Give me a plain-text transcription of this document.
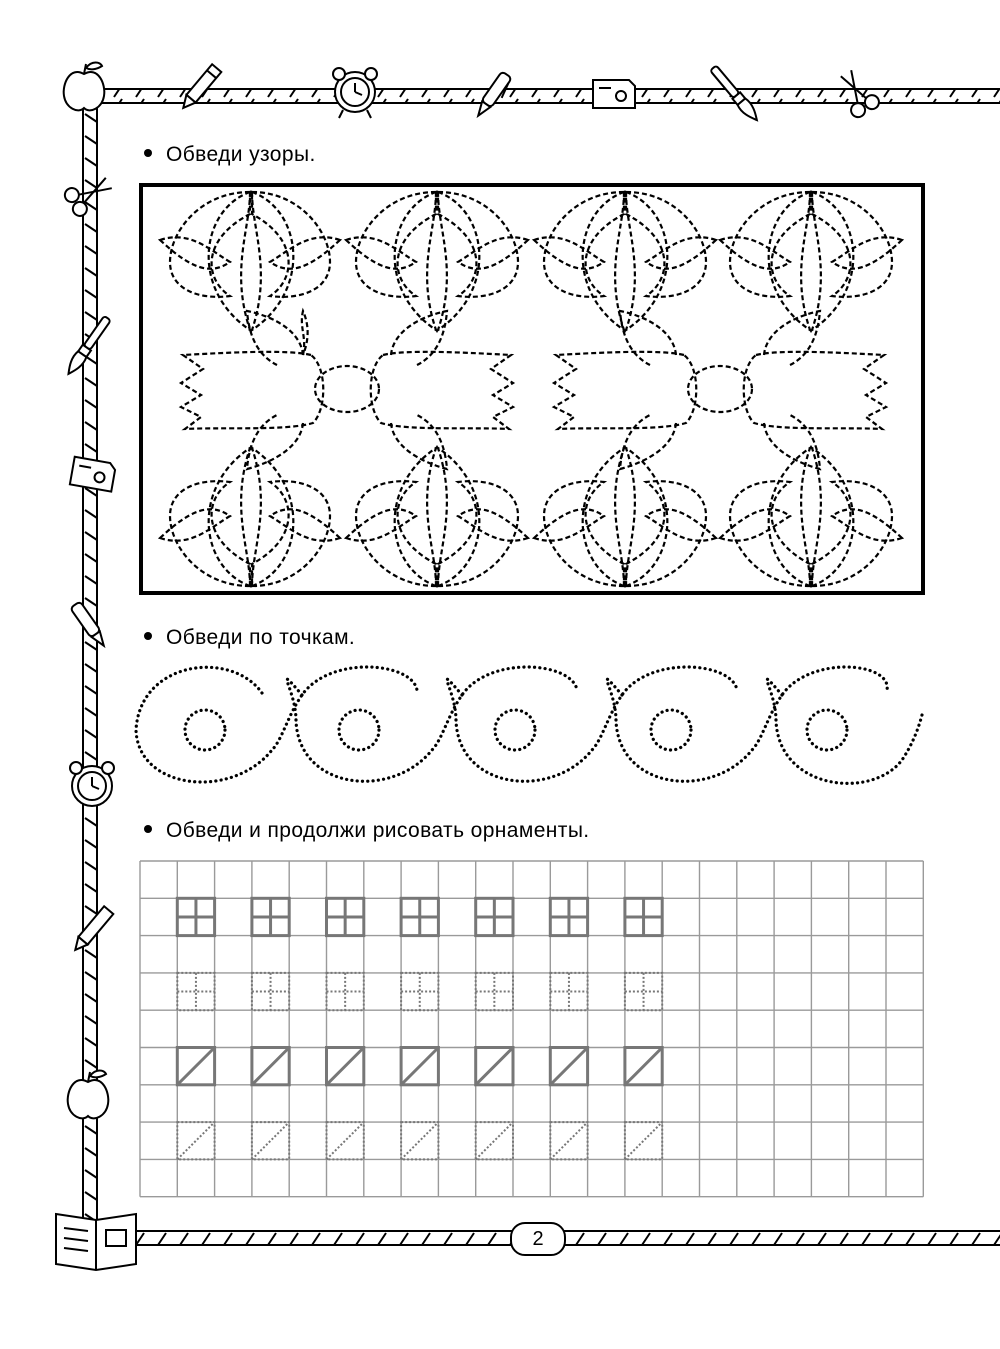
Обведи узоры.
Обведи по точкам.
Обведи и продолжи рисовать орнаменты.
2
